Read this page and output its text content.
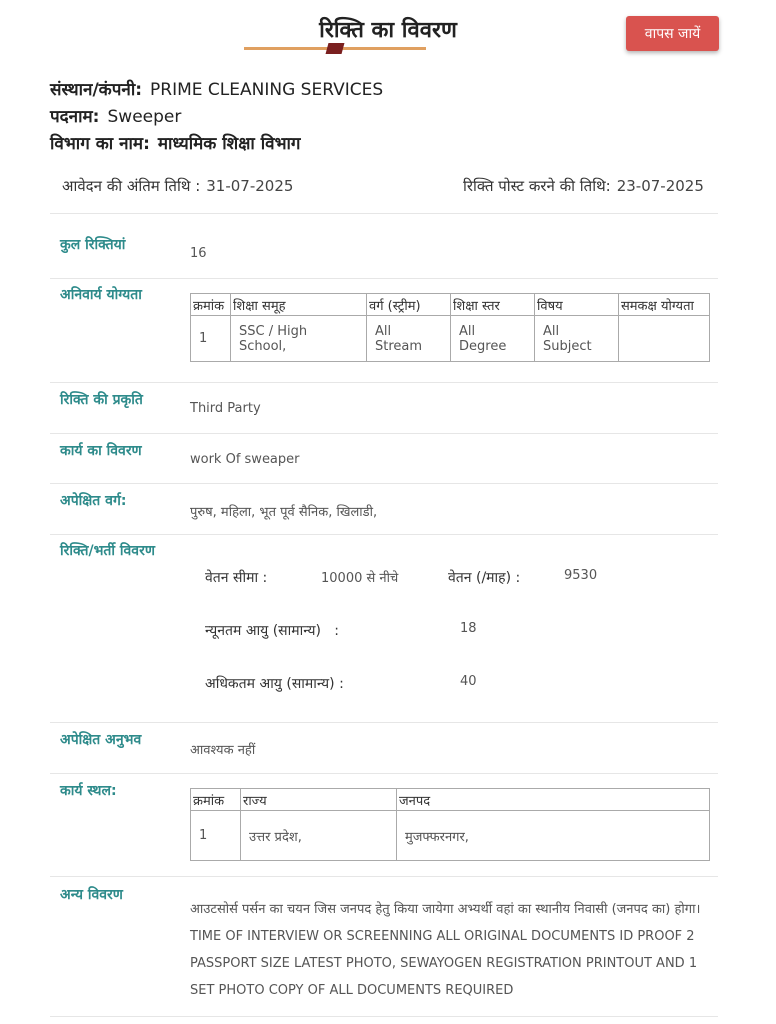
रिक्ति का विवरण	वापस जायें
संस्थान/कंपनी: PRIME CLEANING SERVICES
पदनाम: Sweeper
विभाग का नाम: माध्यमिक शिक्षा विभाग
आवेदन की अंतिम तिथि : 31-07-2025	रिक्ति पोस्ट करने की तिथि: 23-07-2025
कुल रिक्तियां
16
अनिवार्य योग्यता
क्रमांक	शिक्षा समूह	वर्ग (स्ट्रीम)	शिक्षा स्तर	विषय	समकक्ष योग्यता
1	SSC / High School,	All Stream	All Degree	All Subject	
रिक्ति की प्रकृति
Third Party
कार्य का विवरण
work Of sweaper
अपेक्षित वर्ग:
पुरुष, महिला, भूत पूर्व सैनिक, खिलाडी,
रिक्ति/भर्ती विवरण
वेतन सीमा :	10000 से नीचे	वेतन (/माह) :	9530
न्यूनतम आयु (सामान्य)   :	18
अधिकतम आयु (सामान्य) :	40
अपेक्षित अनुभव
आवश्यक नहीं
कार्य स्थल:
क्रमांक	राज्य	जनपद
1	उत्तर प्रदेश,	मुजफ्फरनगर,
अन्य विवरण
आउटसोर्स पर्सन का चयन जिस जनपद हेतु किया जायेगा अभ्यर्थी वहां का स्थानीय निवासी (जनपद का) होगा।TIME OF INTERVIEW OR SCREENNING ALL ORIGINAL DOCUMENTS ID PROOF 2 PASSPORT SIZE LATEST PHOTO, SEWAYOGEN REGISTRATION PRINTOUT AND 1 SET PHOTO COPY OF ALL DOCUMENTS REQUIRED
